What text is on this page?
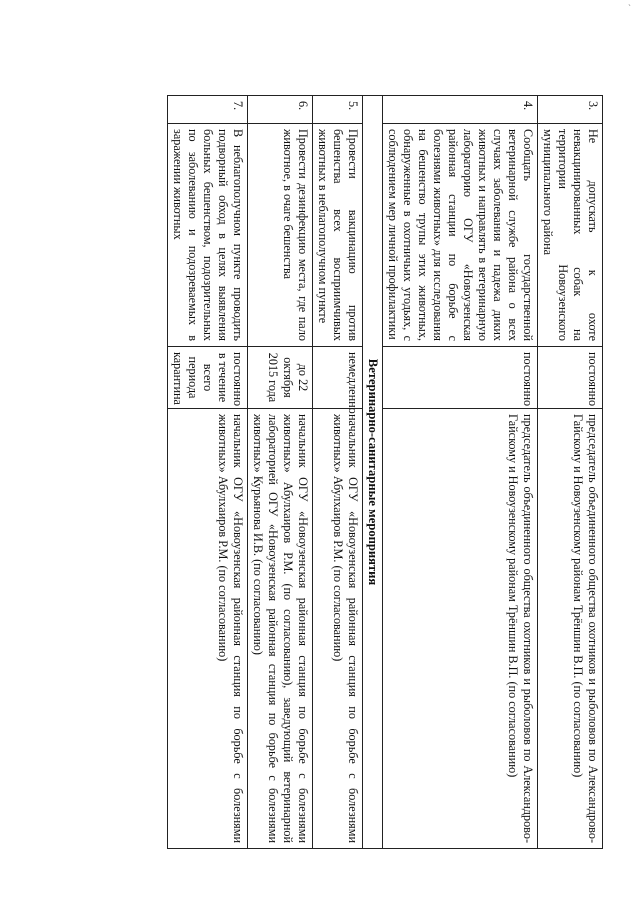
`
3.	Не допускать к охоте невакцинированных собак на территории Новоузенского муниципального района	постоянно	председатель объединенного общества охотников и рыболовов по Александрово-Гайскому и Новоузенскому районам Трёншин В.П. (по согласованию)
4.	Сообщать государственной ветеринарной службе района о всех случаях заболевания и падежа диких животных и направлять в ветеринарную лабораторию ОГУ «Новоузенская районная станции по борьбе с болезнями животных» для исследования на бешенство трупы этих животных, обнаруженные в охотничьих угодьях, с соблюдением мер личной профилактики	постоянно	председатель объединенного общества охотников и рыболовов по Александрово-Гайскому и Новоузенскому районам Трёншин В.П. (по согласованию)
Ветеринарно-санитарные мероприятия			
5.	Провести вакцинацию против бешенства всех восприимчивых животных в неблагополучном пункте	немедленно	начальник ОГУ «Новоузенская районная станция по борьбе с болезнями животных» Абулхаиров Р.М. (по согласованию)
6.	Провести дезинфекцию места, где пало животное, в очаге бешенства	до 22 октября 2015 года	начальник ОГУ «Новоузенская районная станция по борьбе с болезнями животных» Абулхаиров Р.М. (по согласованию), заведующий ветеринарной лабораторией ОГУ «Новоузенская районная станция по борьбе с болезнями животных» Курьянова И.В. (по согласованию)
7.	В неблагополучном пункте проводить подворный обход в целях выявления больных бешенством, подозрительных по заболеванию и подозреваемых в заражении животных	постоянно в течение всего периода карантина	начальник ОГУ «Новоузенская районная станция по борьбе с болезнями животных» Абулхаиров Р.М. (по согласованию)
